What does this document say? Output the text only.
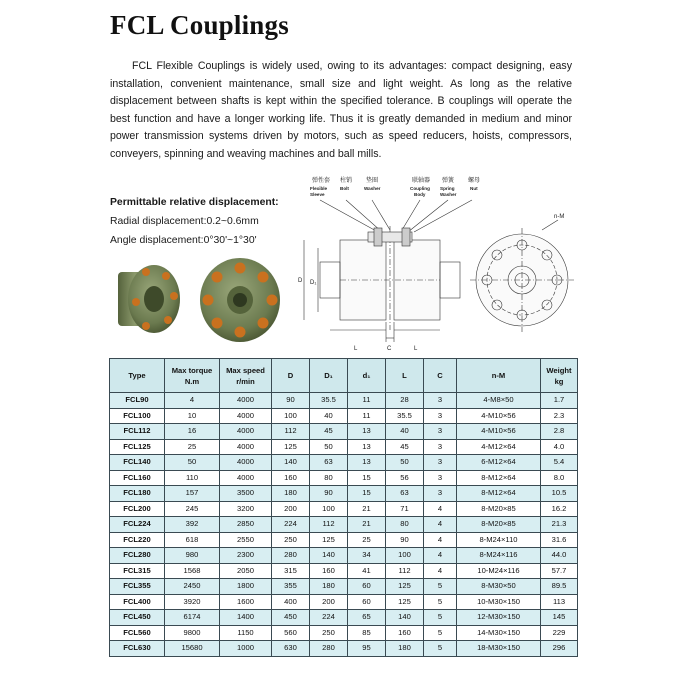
FCL Couplings

FCL Flexible Couplings is widely used, owing to its advantages: compact designing, easy installation, convenient maintenance, small size and light weight. As long as the relative displacement between shafts is kept within the specified tolerance. B couplings will operate the best function and have a longer working life. Thus it is greatly demanded in medium and minor power transmission systems driven by motors, such as speed reducers, hoists, compressors, conveyers, spinning and weaving machines and ball mills.

Permittable relative displacement:
Radial displacement:0.2~0.6mm
Angle displacement:0°30'~1°30'
弹性套
Flexible
Sleeve
柱销
Bolt
垫圈
Washer
联轴器
Coupling
Body
弹簧
Spring
Washer
螺母
Nut
D D₁
L	C	L
n-M
Type	Max torque N.m	Max speed r/min	D	D₁	d₁	L	C	n-M	Weight kg
FCL90	4	4000	90	35.5	11	28	3	4-M8×50	1.7
FCL100	10	4000	100	40	11	35.5	3	4-M10×56	2.3
FCL112	16	4000	112	45	13	40	3	4-M10×56	2.8
FCL125	25	4000	125	50	13	45	3	4-M12×64	4.0
FCL140	50	4000	140	63	13	50	3	6-M12×64	5.4
FCL160	110	4000	160	80	15	56	3	8-M12×64	8.0
FCL180	157	3500	180	90	15	63	3	8-M12×64	10.5
FCL200	245	3200	200	100	21	71	4	8-M20×85	16.2
FCL224	392	2850	224	112	21	80	4	8-M20×85	21.3
FCL220	618	2550	250	125	25	90	4	8-M24×110	31.6
FCL280	980	2300	280	140	34	100	4	8-M24×116	44.0
FCL315	1568	2050	315	160	41	112	4	10-M24×116	57.7
FCL355	2450	1800	355	180	60	125	5	8-M30×50	89.5
FCL400	3920	1600	400	200	60	125	5	10-M30×150	113
FCL450	6174	1400	450	224	65	140	5	12-M30×150	145
FCL560	9800	1150	560	250	85	160	5	14-M30×150	229
FCL630	15680	1000	630	280	95	180	5	18-M30×150	296
